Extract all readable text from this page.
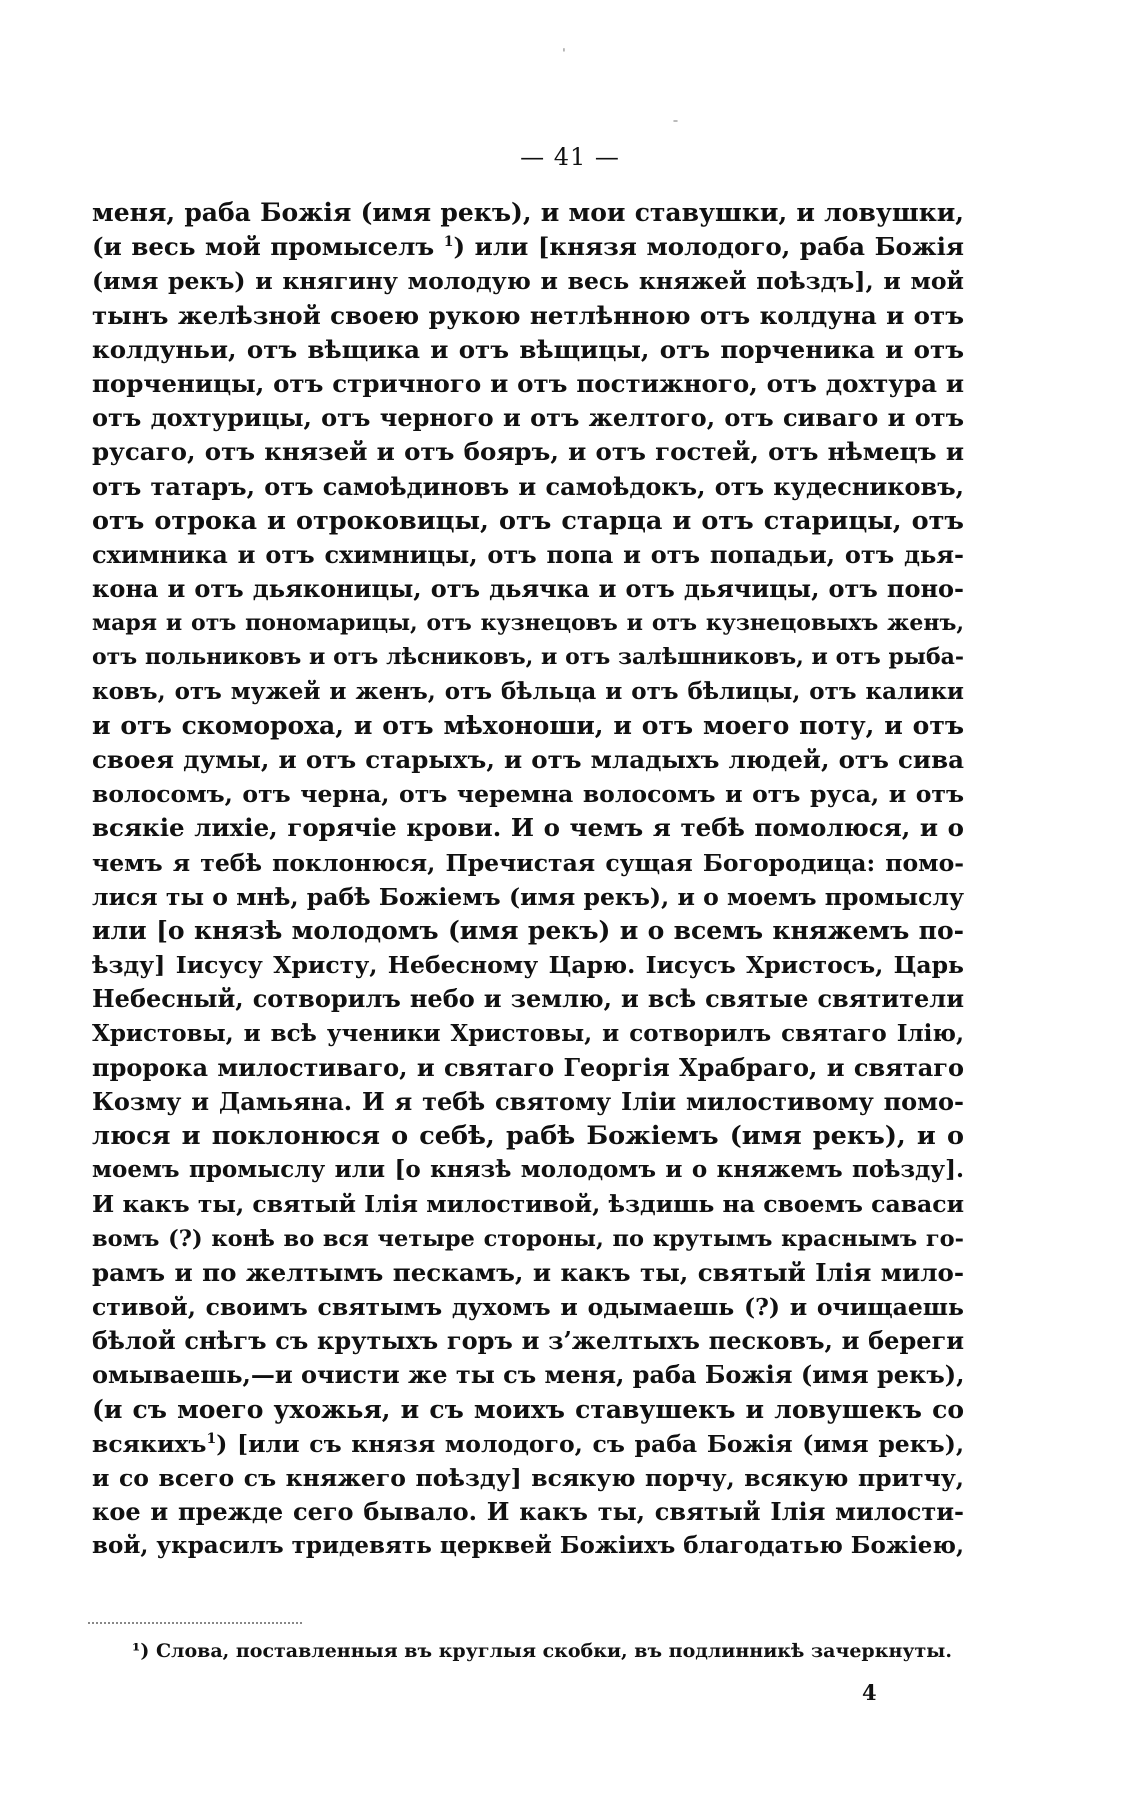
ˈ
ˉ
— 41 —
меня, раба Божія (имя рекъ), и мои ставушки, и ловушки,
(и весь мой промыселъ $^1$) или [князя молодого, раба Божія
(имя рекъ) и княгину молодую и весь княжей поѣздъ], и мой
тынъ желѣзной своею рукою нетлѣнною отъ колдуна и отъ
колдуньи, отъ вѣщика и отъ вѣщицы, отъ порченика и отъ
порченицы, отъ стричного и отъ постижного, отъ дохтура и
отъ дохтурицы, отъ черного и отъ желтого, отъ сиваго и отъ
русаго, отъ князей и отъ бояръ, и отъ гостей, отъ нѣмецъ и
отъ татаръ, отъ самоѣдиновъ и самоѣдокъ, отъ кудесниковъ,
отъ отрока и отроковицы, отъ старца и отъ старицы, отъ
схимника и отъ схимницы, отъ попа и отъ попадьи, отъ дья-
кона и отъ дьяконицы, отъ дьячка и отъ дьячицы, отъ поно-
маря и отъ пономарицы, отъ кузнецовъ и отъ кузнецовыхъ женъ,
отъ польниковъ и отъ лѣсниковъ, и отъ залѣшниковъ, и отъ рыба-
ковъ, отъ мужей и женъ, отъ бѣльца и отъ бѣлицы, отъ калики
и отъ скомороха, и отъ мѣхоноши, и отъ моего поту, и отъ
своея думы, и отъ старыхъ, и отъ младыхъ людей, отъ сива
волосомъ, отъ черна, отъ черемна волосомъ и отъ руса, и отъ
всякіе лихіе, горячіе крови. И о чемъ я тебѣ помолюся, и о
чемъ я тебѣ поклонюся, Пречистая сущая Богородица: помо-
лися ты о мнѣ, рабѣ Божіемъ (имя рекъ), и о моемъ промыслу
или [о князѣ молодомъ (имя рекъ) и о всемъ княжемъ по-
ѣзду] Іисусу Христу, Небесному Царю. Іисусъ Христосъ, Царь
Небесный, сотворилъ небо и землю, и всѣ святые святители
Христовы, и всѣ ученики Христовы, и сотворилъ святаго Ілію,
пророка милостиваго, и святаго Георгія Храбраго, и святаго
Козму и Дамьяна. И я тебѣ святому Іліи милостивому помо-
люся и поклонюся о себѣ, рабѣ Божіемъ (имя рекъ), и о
моемъ промыслу или [о князѣ молодомъ и о княжемъ поѣзду].
И какъ ты, святый Ілія милостивой, ѣздишь на своемъ саваси
вомъ (?) конѣ во вся четыре стороны, по крутымъ краснымъ го-
рамъ и по желтымъ пескамъ, и какъ ты, святый Ілія мило-
стивой, своимъ святымъ духомъ и одымаешь (?) и очищаешь
бѣлой снѣгъ съ крутыхъ горъ и з’желтыхъ песковъ, и береги
омываешь,—и очисти же ты съ меня, раба Божія (имя рекъ),
(и съ моего ухожья, и съ моихъ ставушекъ и ловушекъ со
всякихъ$^1$) [или съ князя молодого, съ раба Божія (имя рекъ),
и со всего съ княжего поѣзду] всякую порчу, всякую притчу,
кое и прежде сего бывало. И какъ ты, святый Ілія милости-
вой, украсилъ тридевять церквей Божіихъ благодатью Божіею,
¹) Слова, поставленныя въ круглыя скобки, въ подлинникѣ зачеркнуты.
4
